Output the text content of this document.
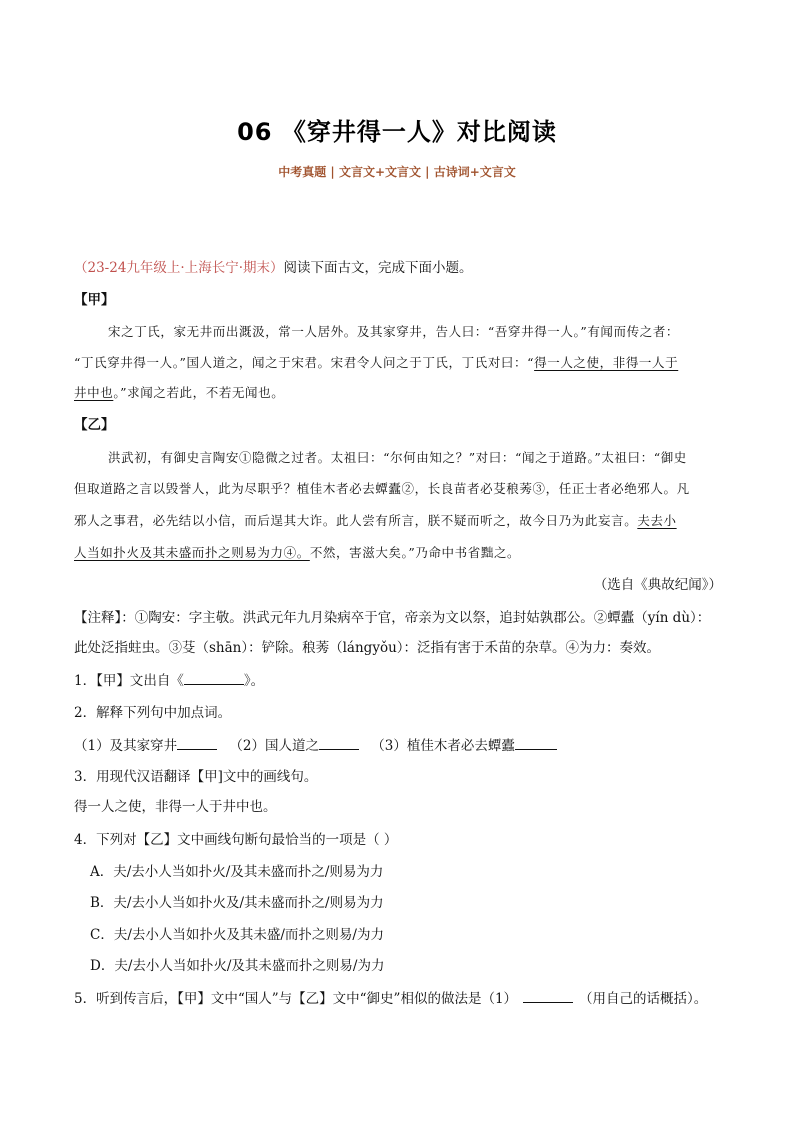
06 《穿井得一人》对比阅读
中考真题 | 文言文+文言文 | 古诗词+文言文
（23-24九年级上·上海长宁·期末）阅读下面古文，完成下面小题。
【甲】
宋之丁氏，家无井而出溉汲，常一人居外。及其家穿井，告人曰：“吾穿井得一人。”有闻而传之者：
“丁氏穿井得一人。”国人道之，闻之于宋君。宋君令人问之于丁氏，丁氏对曰：“得一人之使，非得一人于
井中也。”求闻之若此，不若无闻也。
【乙】
洪武初，有御史言陶安①隐微之过者。太祖曰：“尔何由知之？”对曰：“闻之于道路。”太祖曰：“御史
但取道路之言以毁誉人，此为尽职乎？植佳木者必去蟫蠹②，长良苗者必芟稂莠③，任正士者必绝邪人。凡
邪人之事君，必先结以小信，而后逞其大诈。此人尝有所言，朕不疑而听之，故今日乃为此妄言。夫去小
人当如扑火及其未盛而扑之则易为力④。不然，害滋大矣。”乃命中书省黜之。
（选自《典故纪闻》）
【注释】：①陶安：字主敬。洪武元年九月染病卒于官，帝亲为文以祭，追封姑孰郡公。②蟫蠹（yín dù）：
此处泛指蛀虫。③芟（shān）：铲除。稂莠（lángyǒu）：泛指有害于禾苗的杂草。④为力：奏效。
1．【甲】文出自《	》。
2．解释下列句中加点词。
（1）及其家穿井	（2）国人道之	（3）植佳木者必去蟫蠹
3．用现代汉语翻译【甲]文中的画线句。
得一人之使，非得一人于井中也。
4．下列对【乙】文中画线句断句最恰当的一项是（ ）
A．夫/去小人当如扑火/及其未盛而扑之/则易为力
B．夫/去小人当如扑火及/其未盛而扑之/则易为力
C．夫/去小人当如扑火及其未盛/而扑之则易/为力
D．夫/去小人当如扑火/及其未盛而扑之则易/为力
5．听到传言后，【甲】文中“国人”与【乙】文中“御史”相似的做法是（1）	（用自己的话概括）。
